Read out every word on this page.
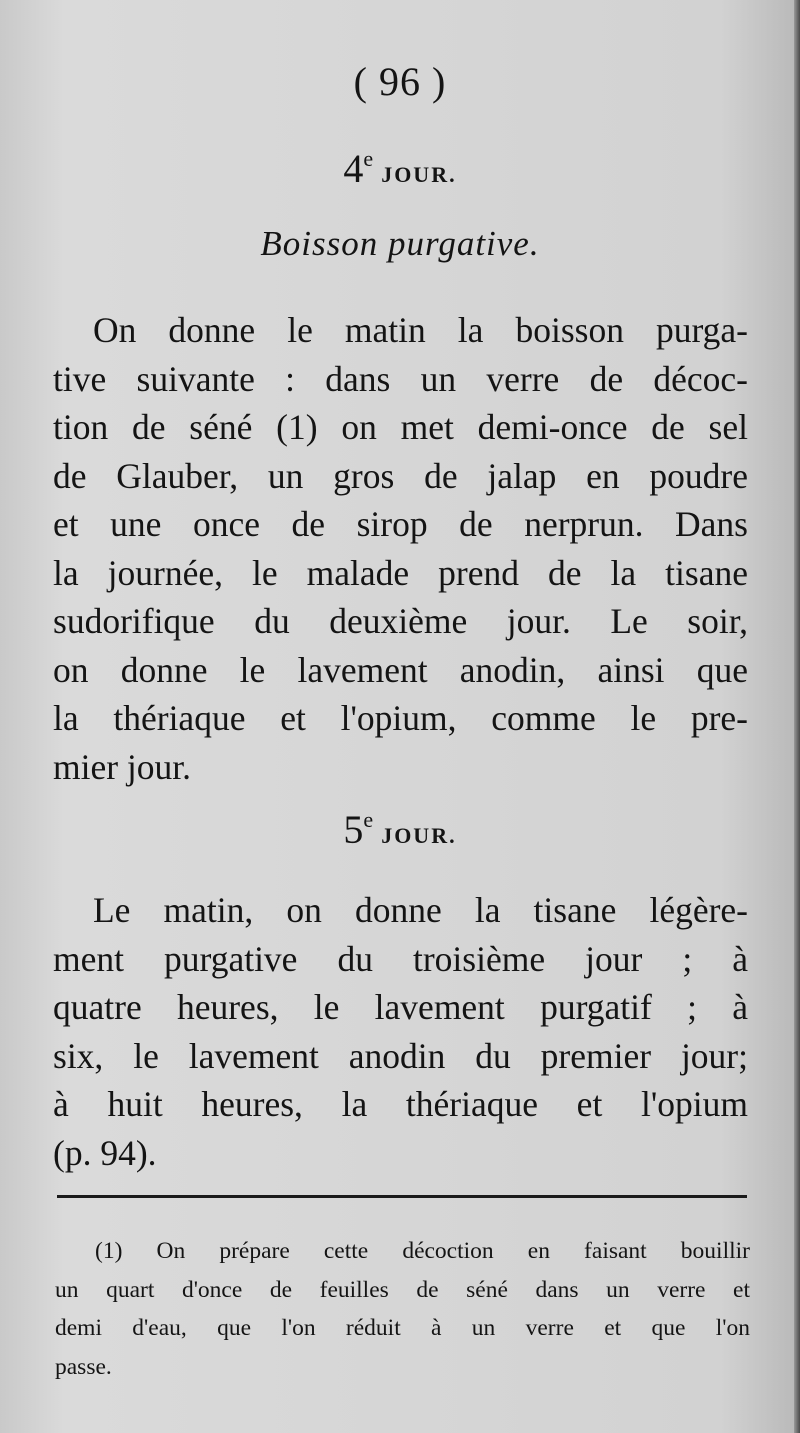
( 96 )
4eJOUR.
Boisson purgative.
On donne le matin la boisson purga-
tive suivante : dans un verre de décoc-
tion de séné (1) on met demi-once de sel
de Glauber, un gros de jalap en poudre
et une once de sirop de nerprun. Dans
la journée, le malade prend de la tisane
sudorifique du deuxième jour. Le soir,
on donne le lavement anodin, ainsi que
la thériaque et l'opium, comme le pre-
mier jour.
5eJOUR.
Le matin, on donne la tisane légère-
ment purgative du troisième jour ; à
quatre heures, le lavement purgatif ; à
six, le lavement anodin du premier jour;
à huit heures, la thériaque et l'opium
(p. 94).
(1) On prépare cette décoction en faisant bouillir
un quart d'once de feuilles de séné dans un verre et
demi d'eau, que l'on réduit à un verre et que l'on
passe.
